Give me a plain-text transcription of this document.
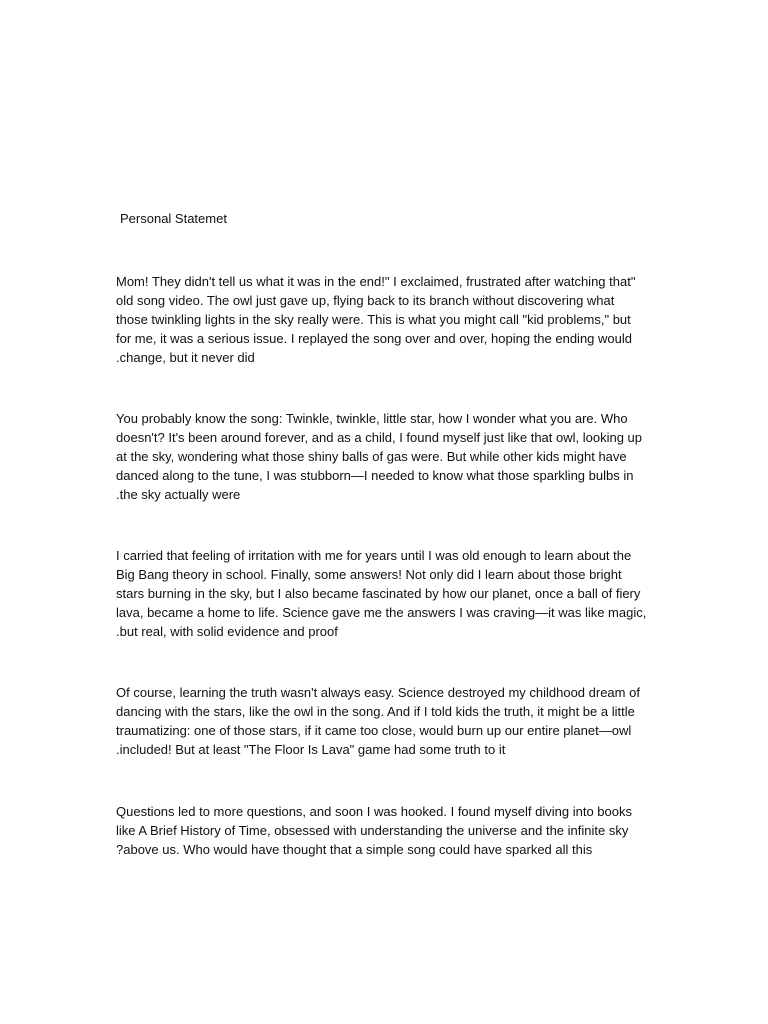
Personal Statemet
Mom! They didn't tell us what it was in the end!" I exclaimed, frustrated after watching that"
old song video. The owl just gave up, flying back to its branch without discovering what
those twinkling lights in the sky really were. This is what you might call "kid problems," but
for me, it was a serious issue. I replayed the song over and over, hoping the ending would
.change, but it never did
You probably know the song: Twinkle, twinkle, little star, how I wonder what you are. Who
doesn't? It's been around forever, and as a child, I found myself just like that owl, looking up
at the sky, wondering what those shiny balls of gas were. But while other kids might have
danced along to the tune, I was stubborn—I needed to know what those sparkling bulbs in
.the sky actually were
I carried that feeling of irritation with me for years until I was old enough to learn about the
Big Bang theory in school. Finally, some answers! Not only did I learn about those bright
stars burning in the sky, but I also became fascinated by how our planet, once a ball of fiery
lava, became a home to life. Science gave me the answers I was craving—it was like magic,
.but real, with solid evidence and proof
Of course, learning the truth wasn't always easy. Science destroyed my childhood dream of
dancing with the stars, like the owl in the song. And if I told kids the truth, it might be a little
traumatizing: one of those stars, if it came too close, would burn up our entire planet—owl
.included! But at least "The Floor Is Lava" game had some truth to it
Questions led to more questions, and soon I was hooked. I found myself diving into books
like A Brief History of Time, obsessed with understanding the universe and the infinite sky
?above us. Who would have thought that a simple song could have sparked all this
